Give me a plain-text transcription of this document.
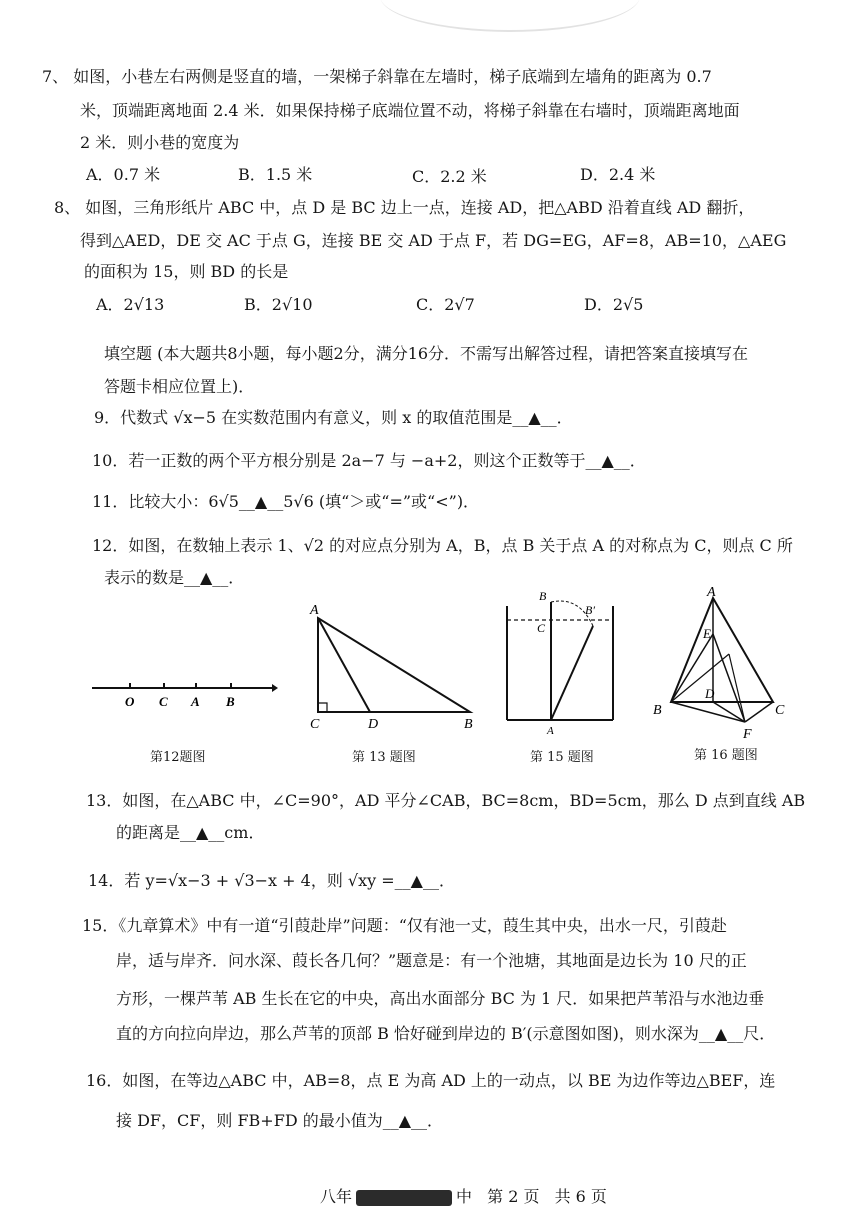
7、 如图，小巷左右两侧是竖直的墙，一架梯子斜靠在左墙时，梯子底端到左墙角的距离为 0.7
米，顶端距离地面 2.4 米．如果保持梯子底端位置不动，将梯子斜靠在右墙时，顶端距离地面
2 米．则小巷的宽度为
A．0.7 米	B．1.5 米	C．2.2 米	D．2.4 米
8、 如图，三角形纸片 ABC 中，点 D 是 BC 边上一点，连接 AD，把△ABD 沿着直线 AD 翻折，
得到△AED，DE 交 AC 于点 G，连接 BE 交 AD 于点 F，若 DG=EG，AF=8，AB=10，△AEG
的面积为 15，则 BD 的长是
A．2√13	B．2√10	C．2√7	D．2√5
填空题 (本大题共8小题，每小题2分，满分16分．不需写出解答过程，请把答案直接填写在
答题卡相应位置上)．
9．代数式 √x−5 在实数范围内有意义，则 x 的取值范围是__▲__．
10．若一正数的两个平方根分别是 2a−7 与 −a+2，则这个正数等于__▲__．
11．比较大小：6√5__▲__5√6 (填“＞或“=”或“<”)．
12．如图，在数轴上表示 1、√2 的对应点分别为 A，B，点 B 关于点 A 的对称点为 C，则点 C 所
表示的数是__▲__．
O C A B
第12题图
A
C	D	B
第 13 题图
B
B′
C
A
第 15 题图
A
E
D
B	C
F
第 16 题图
13．如图，在△ABC 中，∠C=90°，AD 平分∠CAB，BC=8cm，BD=5cm，那么 D 点到直线 AB
的距离是__▲__cm．
14．若 y=√x−3 + √3−x + 4，则 √xy =__▲__．
15．《九章算术》中有一道“引葭赴岸”问题：“仅有池一丈，葭生其中央，出水一尺，引葭赴
岸，适与岸齐．问水深、葭长各几何？”题意是：有一个池塘，其地面是边长为 10 尺的正
方形，一棵芦苇 AB 生长在它的中央，高出水面部分 BC 为 1 尺．如果把芦苇沿与水池边垂
直的方向拉向岸边，那么芦苇的顶部 B 恰好碰到岸边的 B′(示意图如图)，则水深为__▲__尺．
16．如图，在等边△ABC 中，AB=8，点 E 为高 AD 上的一动点，以 BE 为边作等边△BEF，连
接 DF，CF，则 FB+FD 的最小值为__▲__．
八年	中 第 2 页 共 6 页
